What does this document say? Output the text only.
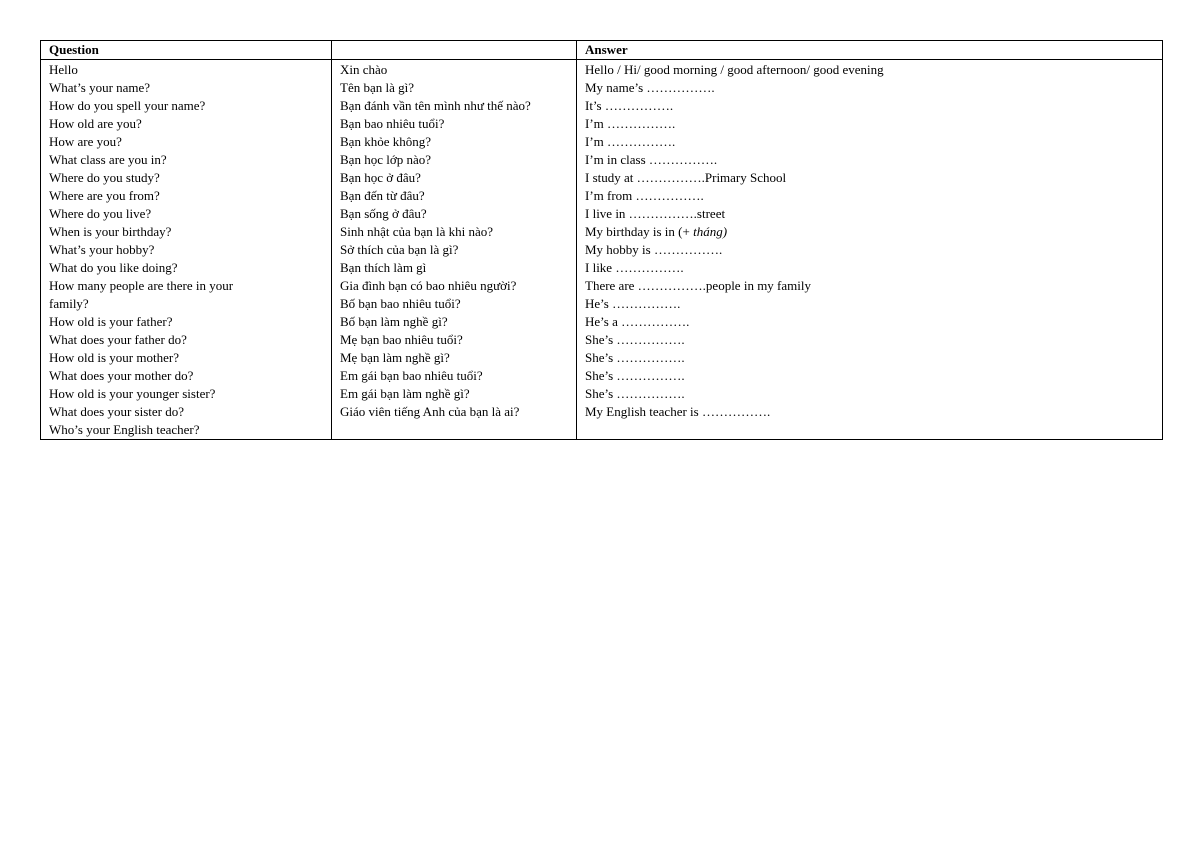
Question
Hello
What’s your name?
How do you spell your name?
How old are you?
How are you?
What class are you in?
Where do you study?
Where are you from?
Where do you live?
When is your birthday?
What’s your hobby?
What do you like doing?
How many people are there in your
family?
How old is your father?
What does your father do?
How old is your mother?
What does your mother do?
How old is your younger sister?
What does your sister do?
Who’s your English teacher?
Xin chào
Tên bạn là gì?
Bạn đánh vần tên mình như thế nào?
Bạn bao nhiêu tuổi?
Bạn khỏe không?
Bạn học lớp nào?
Bạn học ở đâu?
Bạn đến từ đâu?
Bạn sống ở đâu?
Sinh nhật của bạn là khi nào?
Sở thích của bạn là gì?
Bạn thích làm gì
Gia đình bạn có bao nhiêu người?
Bố bạn bao nhiêu tuổi?
Bố bạn làm nghề gì?
Mẹ bạn bao nhiêu tuổi?
Mẹ bạn làm nghề gì?
Em gái bạn bao nhiêu tuổi?
Em gái bạn làm nghề gì?
Giáo viên tiếng Anh của bạn là ai?
Answer
Hello / Hi/ good morning / good afternoon/ good evening
My name’s …………….
It’s …………….
I’m …………….
I’m …………….
I’m in class …………….
I study at …………….Primary School
I’m from …………….
I live in …………….street
My birthday is in (+ tháng)
My hobby is …………….
I like …………….
There are …………….people in my family
He’s …………….
He’s a …………….
She’s …………….
She’s …………….
She’s …………….
She’s …………….
My English teacher is …………….
